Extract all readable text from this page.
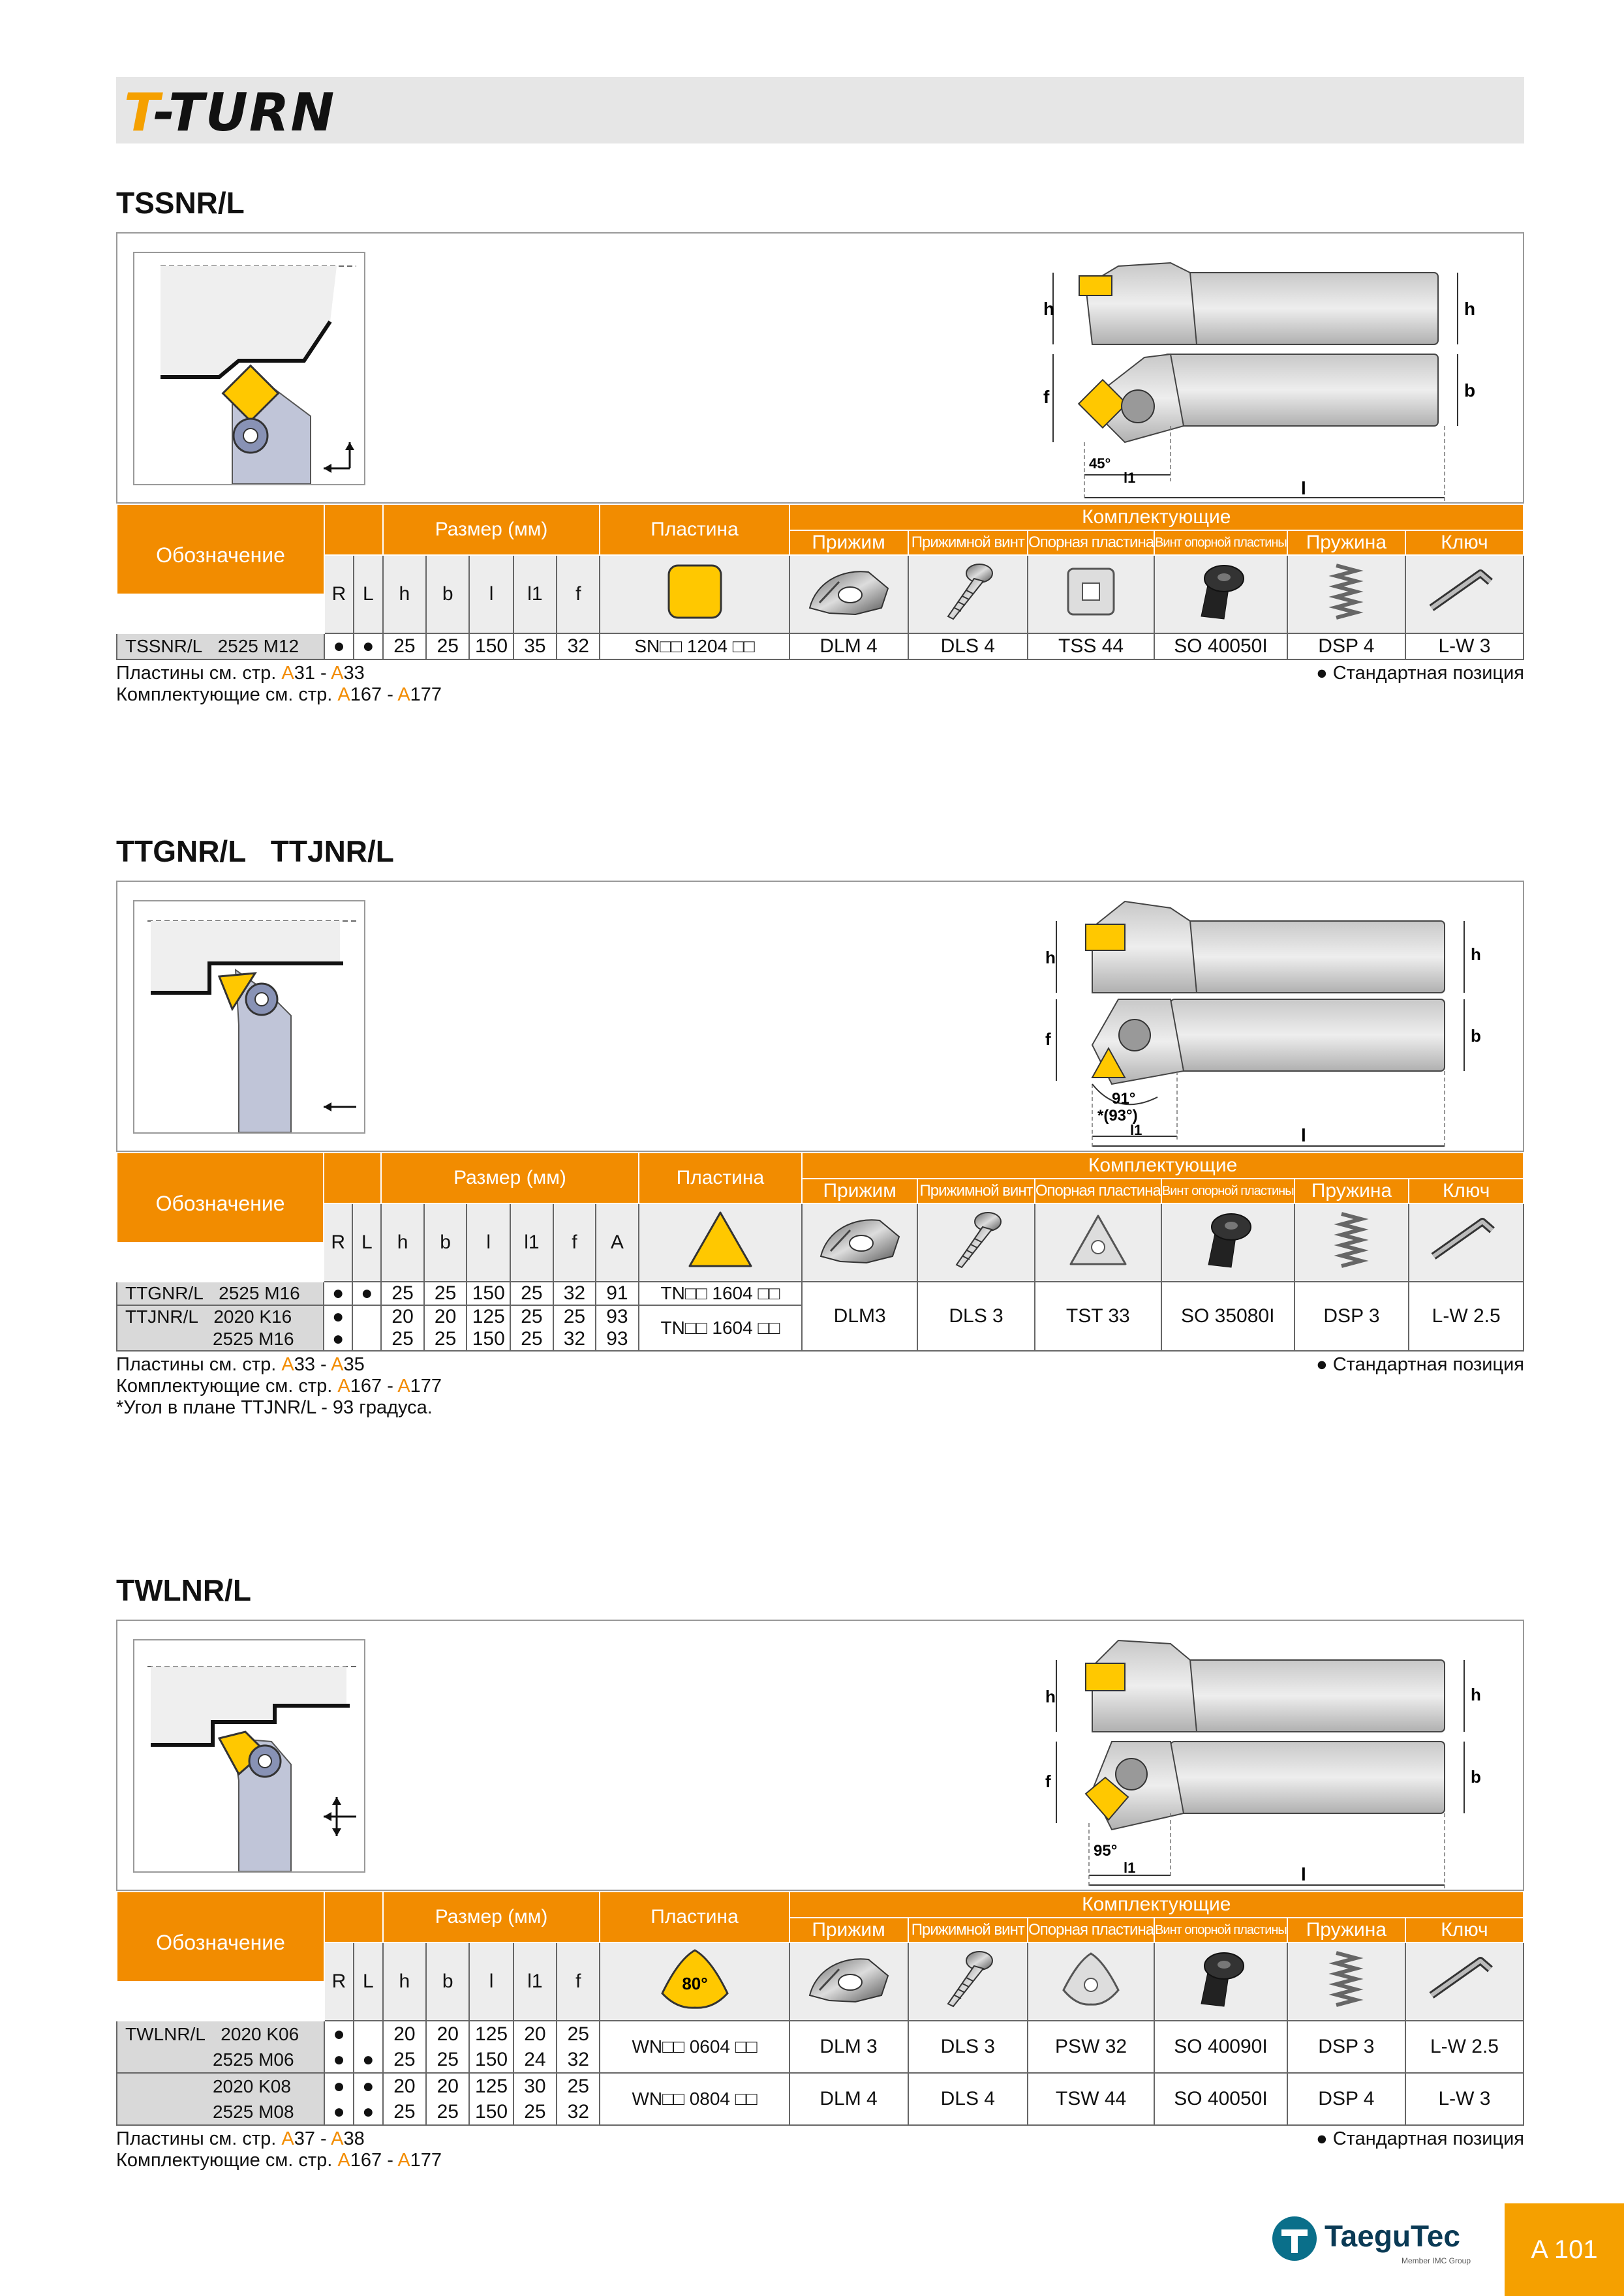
T-TURN
TSSNR/L
h
f
h
b
45°
l1
l
			Размер (мм)					Пластина	Комплектующие					
									Прижим	Прижимной винт	Опорная пластина	Винт опорной пластины	Пружина	Ключ
Обозначение	R	L	h	b	l	l1	f							
TSSNR/L 2525 M12	●	●	25	25	150	35	32	SN□□ 1204 □□	DLM 4	DLS 4	TSS 44	SO 40050I	DSP 4	L-W 3
Пластины см. стр. A31 - A33
Комплектующие см. стр. A167 - A177
● Стандартная позиция
TTGNR/L   TTJNR/L
h
f
h
b
91°
*(93°)
l1	l
			Размер (мм)						Пластина	Комплектующие					
										Прижим	Прижимной винт	Опорная пластина	Винт опорной пластины	Пружина	Ключ
Обозначение	R	L	h	b	l	l1	f	A							
TTGNR/L 2525 M16	●	●	25	25	150	25	32	91	TN□□ 1604 □□	DLM3	DLS 3	TST 33	SO 35080I	DSP 3	L-W 2.5
TTJNR/L 2020 K16	●		20	20	125	25	25	93	TN□□ 1604 □□						
2525 M16	●		25	25	150	25	32	93							
Пластины см. стр. A33 - A35
Комплектующие см. стр. A167 - A177
*Угол в плане TTJNR/L - 93 градуса.
● Стандартная позиция
TWLNR/L
h
f
h
b
95°
l1	l
			Размер (мм)					Пластина	Комплектующие					
									Прижим	Прижимной винт	Опорная пластина	Винт опорной пластины	Пружина	Ключ
Обозначение	R	L	h	b	l	l1	f	80°

TWLNR/L 2020 K06	●		20	20	125	20	25	WN□□ 0604 □□	DLM 3	DLS 3	PSW 32	SO 40090I	DSP 3	L-W 2.5
2525 M06	●	●	25	25	150	24	32							
2020 K08	●	●	20	20	125	30	25	WN□□ 0804 □□	DLM 4	DLS 4	TSW 44	SO 40050I	DSP 4	L-W 3
2525 M08	●	●	25	25	150	25	32							
Пластины см. стр. A37 - A38
Комплектующие см. стр. A167 - A177
● Стандартная позиция
TaeguTec
Member IMC Group	A 101
